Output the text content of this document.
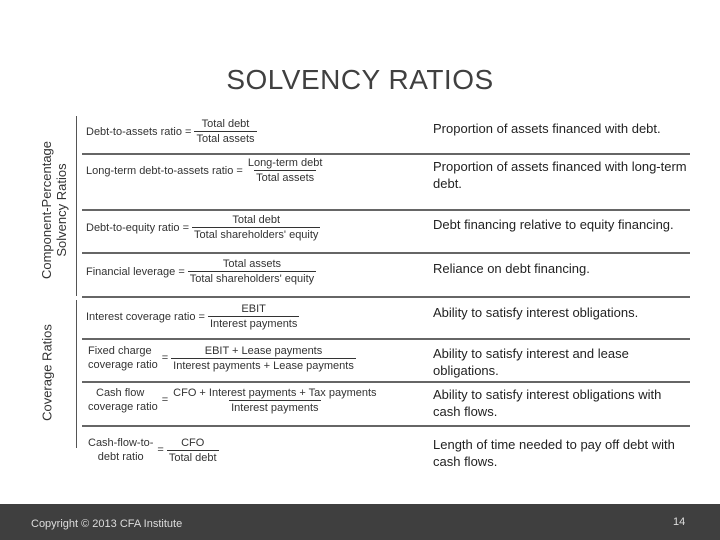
SOLVENCY RATIOS
Component-Percentage Solvency Ratios
Coverage Ratios
Debt-to-assets ratio = $\frac{\text{Total debt}}{\text{Total assets}}$	Proportion of assets financed with debt.
Long-term debt-to-assets ratio = $\frac{\text{Long-term debt}}{\text{Total assets}}$	Proportion of assets financed with long-term debt.
Debt-to-equity ratio = $\frac{\text{Total debt}}{\text{Total shareholders' equity}}$	Debt financing relative to equity financing.
Financial leverage = $\frac{\text{Total assets}}{\text{Total shareholders' equity}}$	Reliance on debt financing.
Interest coverage ratio = $\frac{\text{EBIT}}{\text{Interest payments}}$	Ability to satisfy interest obligations.
Fixed charge
coverage ratio
= $\frac{\text{EBIT + Lease payments}}{\text{Interest payments + Lease payments}}$	Ability to satisfy interest and lease obligations.
Cash flow
coverage ratio
= $\frac{\text{CFO + Interest payments + Tax payments}}{\text{Interest payments}}$	Ability to satisfy interest obligations with cash flows.
Cash-flow-to-
debt ratio
= $\frac{\text{CFO}}{\text{Total debt}}$	Length of time needed to pay off debt with cash flows.
Copyright © 2013 CFA Institute	14
